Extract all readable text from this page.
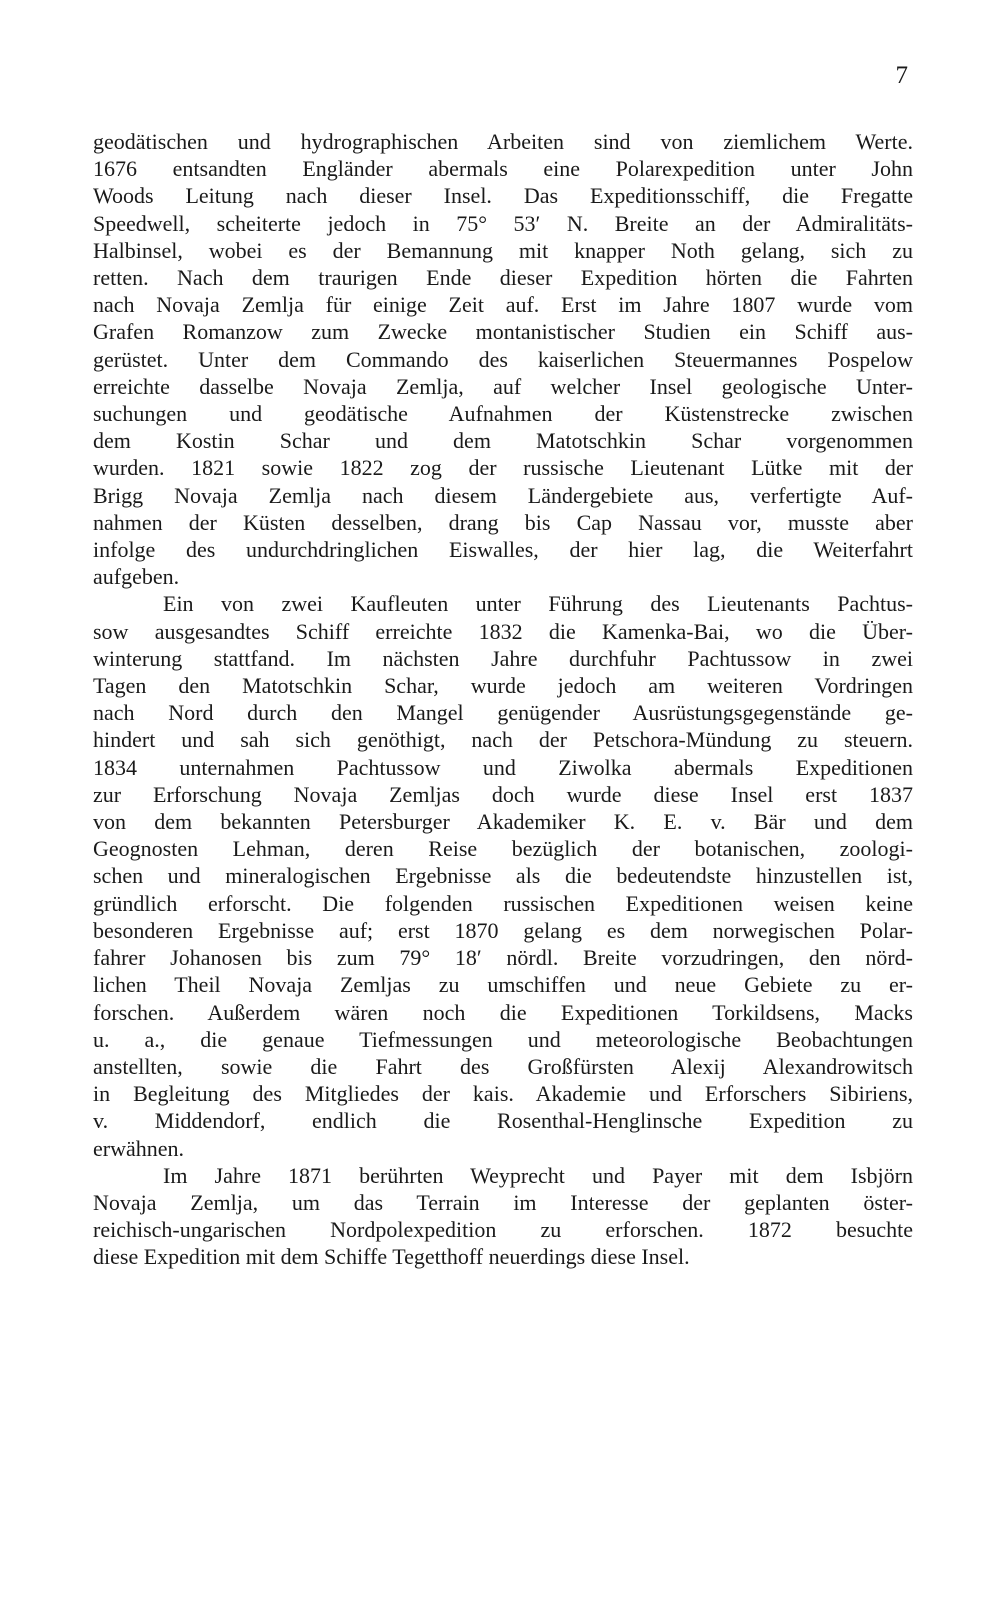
7
geodätischen und hydrographischen Arbeiten sind von ziemlichem Werte.
1676 entsandten Engländer abermals eine Polarexpedition unter John
Woods Leitung nach dieser Insel. Das Expeditionsschiff, die Fregatte
Speedwell, scheiterte jedoch in 75° 53′ N. Breite an der Admiralitäts-
Halbinsel, wobei es der Bemannung mit knapper Noth gelang, sich zu
retten. Nach dem traurigen Ende dieser Expedition hörten die Fahrten
nach Novaja Zemlja für einige Zeit auf. Erst im Jahre 1807 wurde vom
Grafen Romanzow zum Zwecke montanistischer Studien ein Schiff aus-
gerüstet. Unter dem Commando des kaiserlichen Steuermannes Pospelow
erreichte dasselbe Novaja Zemlja, auf welcher Insel geologische Unter-
suchungen und geodätische Aufnahmen der Küstenstrecke zwischen
dem Kostin Schar und dem Matotschkin Schar vorgenommen
wurden. 1821 sowie 1822 zog der russische Lieutenant Lütke mit der
Brigg Novaja Zemlja nach diesem Ländergebiete aus, verfertigte Auf-
nahmen der Küsten desselben, drang bis Cap Nassau vor, musste aber
infolge des undurchdringlichen Eiswalles, der hier lag, die Weiterfahrt
aufgeben.
Ein von zwei Kaufleuten unter Führung des Lieutenants Pachtus-
sow ausgesandtes Schiff erreichte 1832 die Kamenka-Bai, wo die Über-
winterung stattfand. Im nächsten Jahre durchfuhr Pachtussow in zwei
Tagen den Matotschkin Schar, wurde jedoch am weiteren Vordringen
nach Nord durch den Mangel genügender Ausrüstungsgegenstände ge-
hindert und sah sich genöthigt, nach der Petschora-Mündung zu steuern.
1834 unternahmen Pachtussow und Ziwolka abermals Expeditionen
zur Erforschung Novaja Zemljas doch wurde diese Insel erst 1837
von dem bekannten Petersburger Akademiker K. E. v. Bär und dem
Geognosten Lehman, deren Reise bezüglich der botanischen, zoologi-
schen und mineralogischen Ergebnisse als die bedeutendste hinzustellen ist,
gründlich erforscht. Die folgenden russischen Expeditionen weisen keine
besonderen Ergebnisse auf; erst 1870 gelang es dem norwegischen Polar-
fahrer Johanosen bis zum 79° 18′ nördl. Breite vorzudringen, den nörd-
lichen Theil Novaja Zemljas zu umschiffen und neue Gebiete zu er-
forschen. Außerdem wären noch die Expeditionen Torkildsens, Macks
u. a., die genaue Tiefmessungen und meteorologische Beobachtungen
anstellten, sowie die Fahrt des Großfürsten Alexij Alexandrowitsch
in Begleitung des Mitgliedes der kais. Akademie und Erforschers Sibiriens,
v. Middendorf, endlich die Rosenthal-Henglinsche Expedition zu
erwähnen.
Im Jahre 1871 berührten Weyprecht und Payer mit dem Isbjörn
Novaja Zemlja, um das Terrain im Interesse der geplanten öster-
reichisch-ungarischen Nordpolexpedition zu erforschen. 1872 besuchte
diese Expedition mit dem Schiffe Tegetthoff neuerdings diese Insel.
